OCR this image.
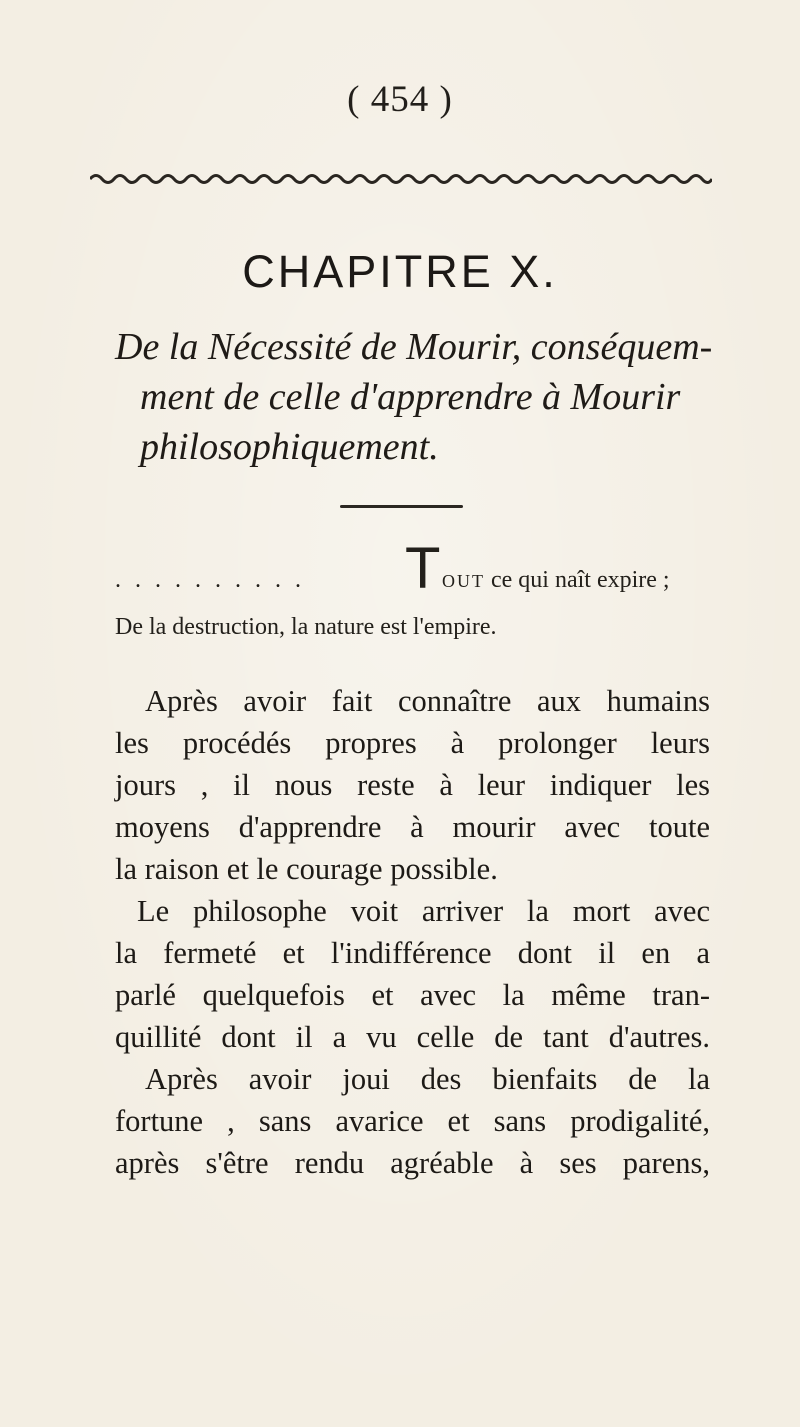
( 454 )
CHAPITRE X.
De la Nécessité de Mourir, conséquem-
ment de celle d'apprendre à Mourir
philosophiquement.
. . . . . . . . . . T OUT ce qui naît expire ;
De la destruction, la nature est l'empire.
Après avoir fait connaître aux humains
les procédés propres à prolonger leurs
jours , il nous reste à leur indiquer les
moyens d'apprendre à mourir avec toute
la raison et le courage possible.
Le philosophe voit arriver la mort avec
la fermeté et l'indifférence dont il en a
parlé quelquefois et avec la même tran-
quillité dont il a vu celle de tant d'autres.
Après avoir joui des bienfaits de la
fortune , sans avarice et sans prodigalité,
après s'être rendu agréable à ses parens,
